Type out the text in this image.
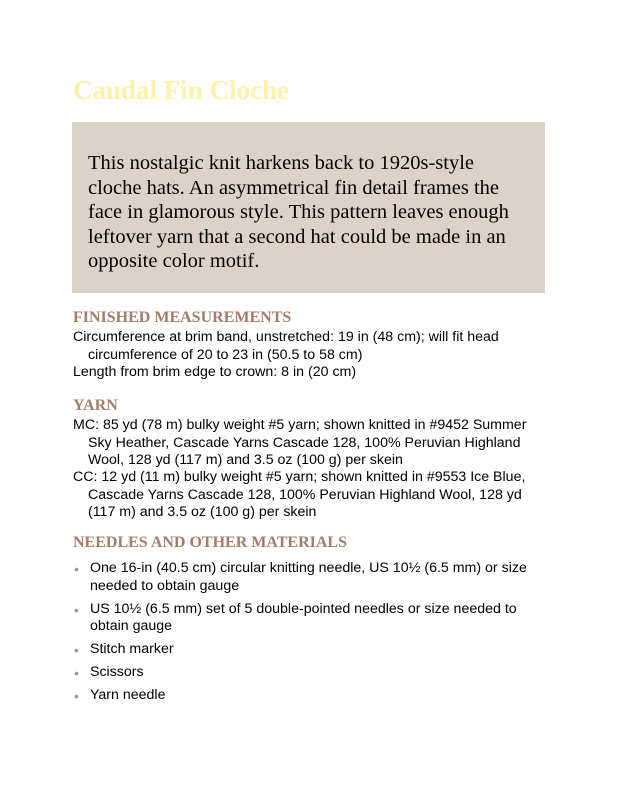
Caudal Fin Cloche

This nostalgic knit harkens back to 1920s-style cloche hats. An asymmetrical fin detail frames the face in glamorous style. This pattern leaves enough leftover yarn that a second hat could be made in an opposite color motif.

FINISHED MEASUREMENTS

Circumference at brim band, unstretched: 19 in (48 cm); will fit head circumference of 20 to 23 in (50.5 to 58 cm)

Length from brim edge to crown: 8 in (20 cm)

YARN

MC: 85 yd (78 m) bulky weight #5 yarn; shown knitted in #9452 Summer Sky Heather, Cascade Yarns Cascade 128, 100% Peruvian Highland Wool, 128 yd (117 m) and 3.5 oz (100 g) per skein

CC: 12 yd (11 m) bulky weight #5 yarn; shown knitted in #9553 Ice Blue, Cascade Yarns Cascade 128, 100% Peruvian Highland Wool, 128 yd (117 m) and 3.5 oz (100 g) per skein

NEEDLES AND OTHER MATERIALS
• One 16-in (40.5 cm) circular knitting needle, US 10½ (6.5 mm) or size needed to obtain gauge
• US 10½ (6.5 mm) set of 5 double-pointed needles or size needed to obtain gauge
• Stitch marker
• Scissors
• Yarn needle
